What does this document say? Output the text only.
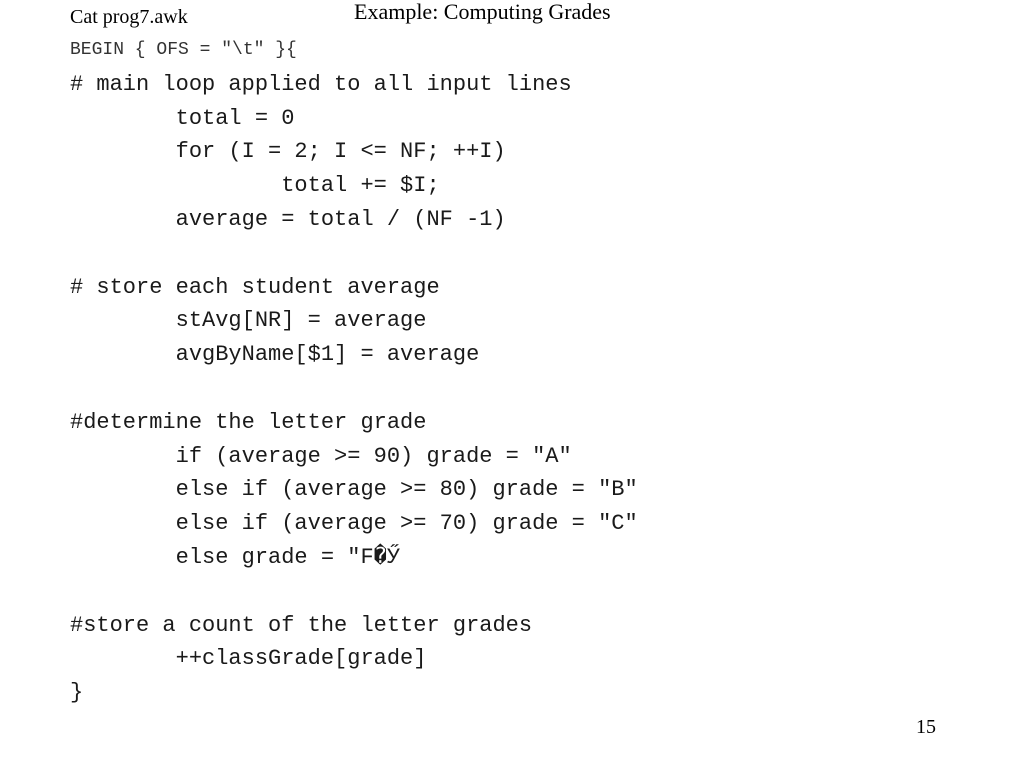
Cat prog7.awk	Example: Computing Grades
BEGIN { OFS = "\t" }{
# main loop applied to all input lines
total = 0
for (I = 2; I <= NF; ++I)
total += $I;
average = total / (NF -1)
# store each student average
stAvg[NR] = average
avgByName[$1] = average
#determine the letter grade
if (average >= 90) grade = "A"
else if (average >= 80) grade = "B"
else if (average >= 70) grade = "C"
else grade = "F�Ӳ
#store a count of the letter grades
++classGrade[grade]
}
15
